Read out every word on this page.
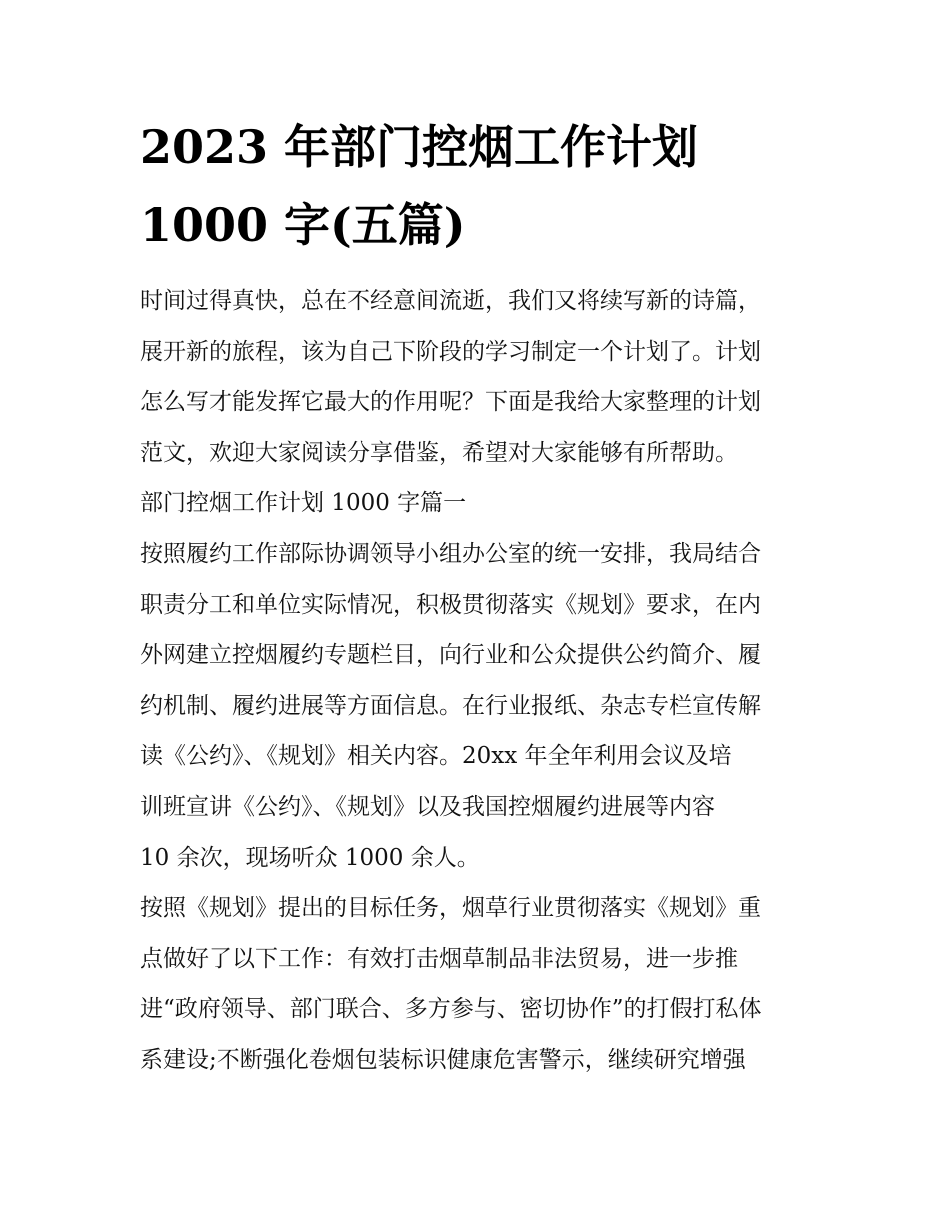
2023 年部门控烟工作计划
1000 字(五篇)
时间过得真快，总在不经意间流逝，我们又将续写新的诗篇，
展开新的旅程，该为自己下阶段的学习制定一个计划了。计划
怎么写才能发挥它最大的作用呢？下面是我给大家整理的计划
范文，欢迎大家阅读分享借鉴，希望对大家能够有所帮助。
部门控烟工作计划 1000 字篇一
按照履约工作部际协调领导小组办公室的统一安排，我局结合
职责分工和单位实际情况，积极贯彻落实《规划》要求，在内
外网建立控烟履约专题栏目，向行业和公众提供公约简介、履
约机制、履约进展等方面信息。在行业报纸、杂志专栏宣传解
读《公约》、《规划》相关内容。20xx 年全年利用会议及培
训班宣讲《公约》、《规划》以及我国控烟履约进展等内容
10 余次，现场听众 1000 余人。
按照《规划》提出的目标任务，烟草行业贯彻落实《规划》重
点做好了以下工作：有效打击烟草制品非法贸易，进一步推
进“政府领导、部门联合、多方参与、密切协作”的打假打私体
系建设;不断强化卷烟包装标识健康危害警示，继续研究增强
